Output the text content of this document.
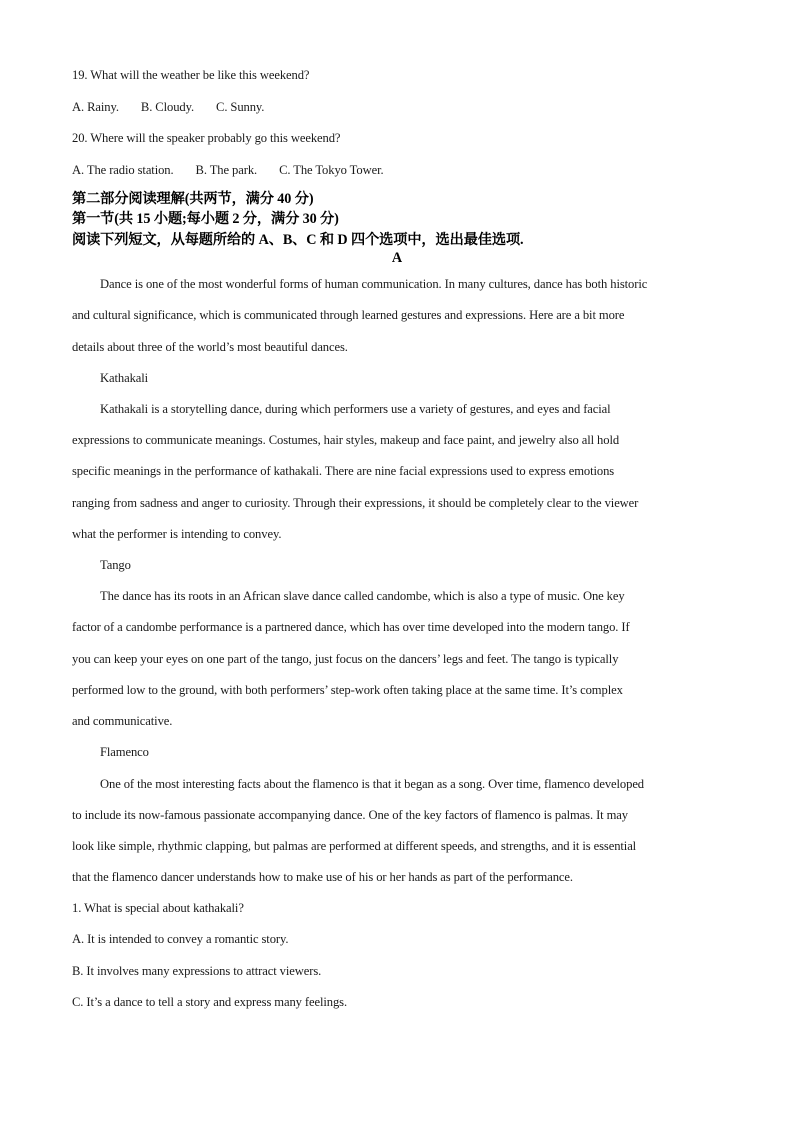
19. What will the weather be like this weekend?
A. Rainy. B. Cloudy. C. Sunny.
20. Where will the speaker probably go this weekend?
A. The radio station. B. The park. C. The Tokyo Tower.
第二部分阅读理解(共两节，满分 40 分)
第一节(共 15 小题;每小题 2 分，满分 30 分)
阅读下列短文，从每题所给的 A、B、C 和 D 四个选项中，选出最佳选项.
A
Dance is one of the most wonderful forms of human communication. In many cultures, dance has both historic
and cultural significance, which is communicated through learned gestures and expressions. Here are a bit more
details about three of the world’s most beautiful dances.
Kathakali
Kathakali is a storytelling dance, during which performers use a variety of gestures, and eyes and facial
expressions to communicate meanings. Costumes, hair styles, makeup and face paint, and jewelry also all hold
specific meanings in the performance of kathakali. There are nine facial expressions used to express emotions
ranging from sadness and anger to curiosity. Through their expressions, it should be completely clear to the viewer
what the performer is intending to convey.
Tango
The dance has its roots in an African slave dance called candombe, which is also a type of music. One key
factor of a candombe performance is a partnered dance, which has over time developed into the modern tango. If
you can keep your eyes on one part of the tango, just focus on the dancers’ legs and feet. The tango is typically
performed low to the ground, with both performers’ step-work often taking place at the same time. It’s complex
and communicative.
Flamenco
One of the most interesting facts about the flamenco is that it began as a song. Over time, flamenco developed
to include its now-famous passionate accompanying dance. One of the key factors of flamenco is palmas. It may
look like simple, rhythmic clapping, but palmas are performed at different speeds, and strengths, and it is essential
that the flamenco dancer understands how to make use of his or her hands as part of the performance.
1. What is special about kathakali?
A. It is intended to convey a romantic story.
B. It involves many expressions to attract viewers.
C. It’s a dance to tell a story and express many feelings.
